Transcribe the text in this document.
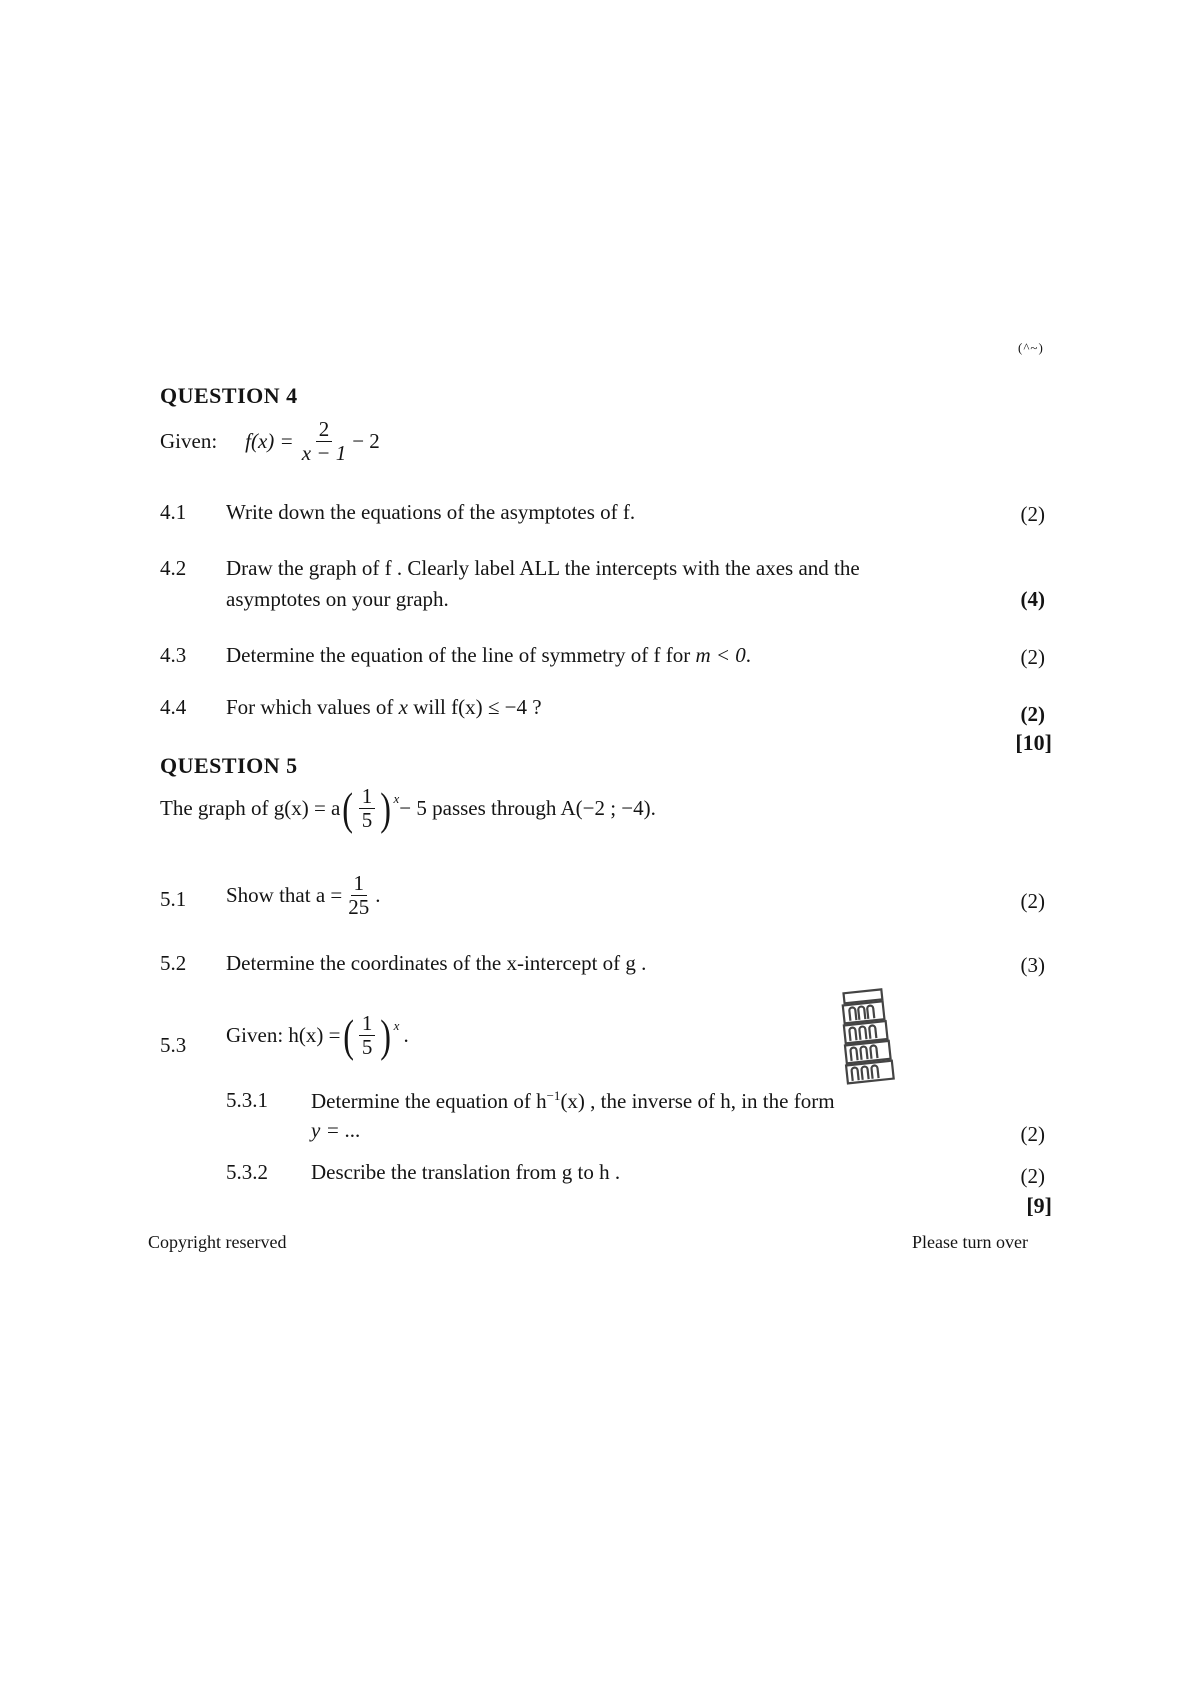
(^~)
QUESTION 4
Given: $f(x) = \frac{2}{x - 1} - 2$
4.1 Write down the equations of the asymptotes of f.	(2)
4.2 Draw the graph of f . Clearly label ALL the intercepts with the axes and the
asymptotes on your graph.	(4)
4.3 Determine the equation of the line of symmetry of f for m < 0.	(2)
4.4 For which values of x will f(x) ≤ −4 ?	(2)
[10]
QUESTION 5
The graph of g(x) = a ( $\frac{1}{5} )^x - 5$ passes through A(−2 ; −4).
5.1 Show that $a = \frac{1}{25}$ .	(2)
5.2 Determine the coordinates of the x-intercept of g .	(3)
5.3 Given: h(x) = ( $\frac{1}{5} )^x$ .
5.3.1 Determine the equation of $h^{-1}(x)$ , the inverse of h, in the form
y = ...	(2)
5.3.2 Describe the translation from g to h .	(2)
[9]
Copyright reserved	Please turn over
